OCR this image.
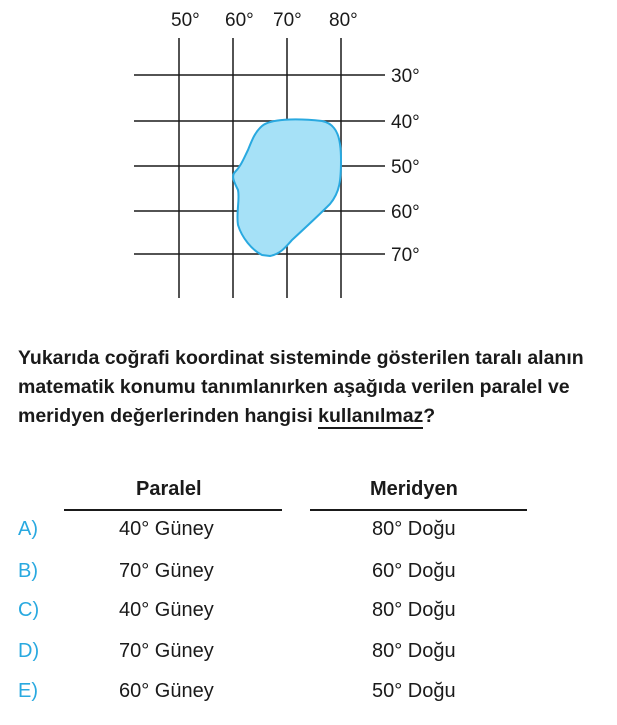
50° 60° 70° 80°
30°
40°
50°
60°
70°
Yukarıda coğrafi koordinat sisteminde gösterilen taralı alanın matematik konumu tanımlanırken aşağıda verilen paralel ve meridyen değerlerinden hangisi kullanılmaz?
Paralel	Meridyen
A)	40° Güney	80° Doğu
B)	70° Güney	60° Doğu
C)	40° Güney	80° Doğu
D)	70° Güney	80° Doğu
E)	60° Güney	50° Doğu
